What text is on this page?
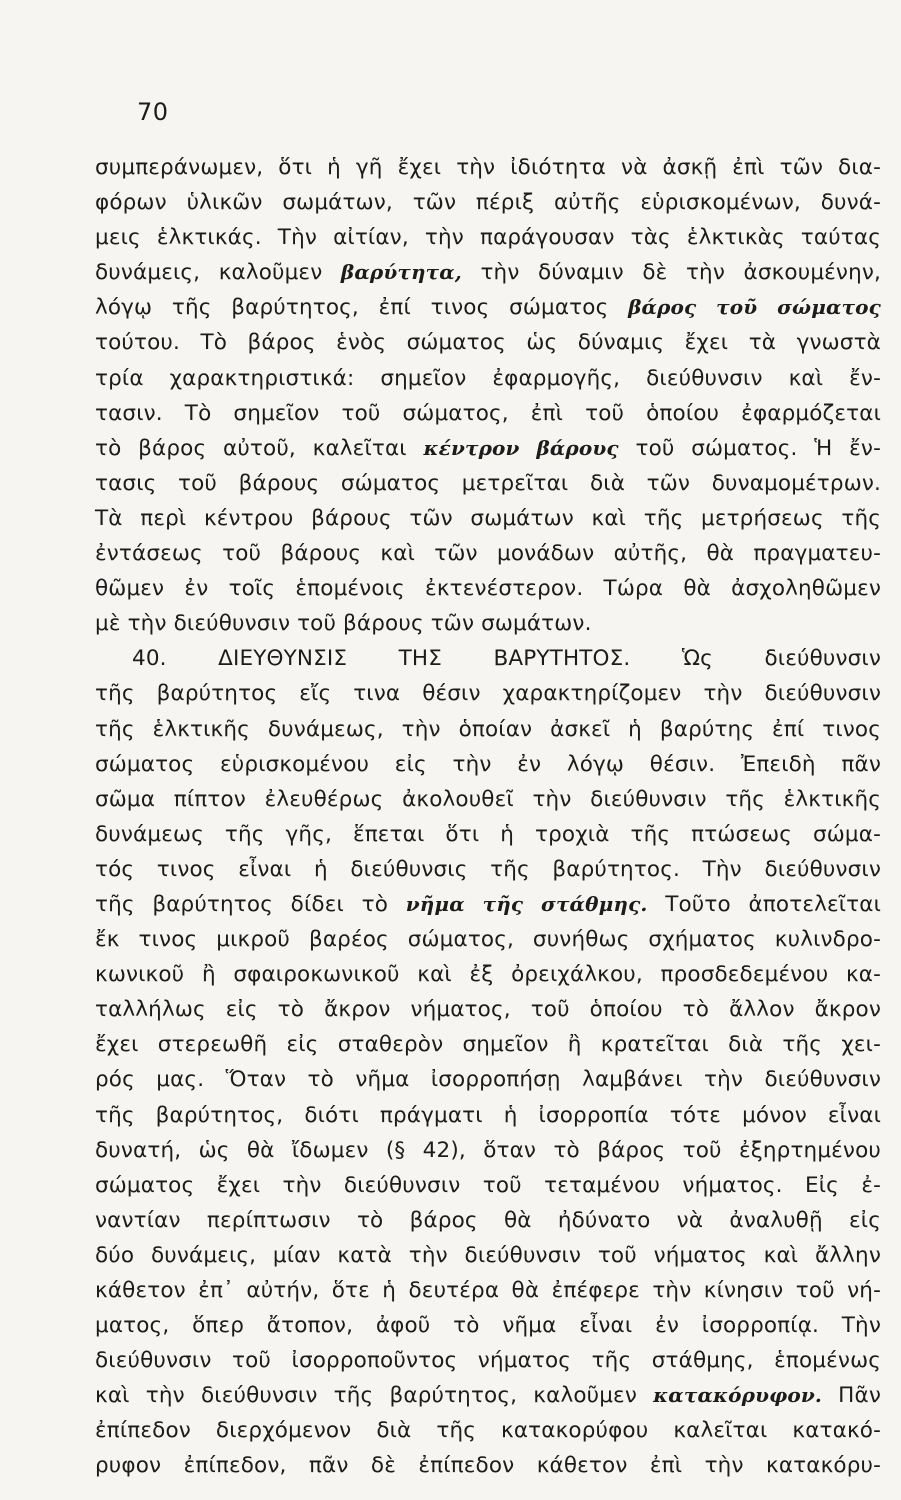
70
συμπεράνωμεν, ὅτι ἡ γῆ ἔχει τὴν ἰδιότητα νὰ ἀσκῇ ἐπὶ τῶν δια-
φόρων ὑλικῶν σωμάτων, τῶν πέριξ αὐτῆς εὑρισκομένων, δυνά-
μεις ἑλκτικάς. Τὴν αἰτίαν, τὴν παράγουσαν τὰς ἑλκτικὰς ταύτας
δυνάμεις, καλοῦμεν βαρύτητα, τὴν δύναμιν δὲ τὴν ἀσκουμένην,
λόγῳ τῆς βαρύτητος, ἐπί τινος σώματος βάρος τοῦ σώματος
τούτου. Τὸ βάρος ἑνὸς σώματος ὡς δύναμις ἔχει τὰ γνωστὰ
τρία χαρακτηριστικά: σημεῖον ἐφαρμογῆς, διεύθυνσιν καὶ ἔν-
τασιν. Τὸ σημεῖον τοῦ σώματος, ἐπὶ τοῦ ὁποίου ἐφαρμόζεται
τὸ βάρος αὐτοῦ, καλεῖται κέντρον βάρους τοῦ σώματος. Ἡ ἔν-
τασις τοῦ βάρους σώματος μετρεῖται διὰ τῶν δυναμομέτρων.
Τὰ περὶ κέντρου βάρους τῶν σωμάτων καὶ τῆς μετρήσεως τῆς
ἐντάσεως τοῦ βάρους καὶ τῶν μονάδων αὐτῆς, θὰ πραγματευ-
θῶμεν ἐν τοῖς ἑπομένοις ἐκτενέστερον. Τώρα θὰ ἀσχοληθῶμεν
μὲ τὴν διεύθυνσιν τοῦ βάρους τῶν σωμάτων.
40. ΔΙΕΥΘΥΝΣΙΣ ΤΗΣ ΒΑΡΥΤΗΤΟΣ. Ὡς διεύθυνσιν
τῆς βαρύτητος εἴς τινα θέσιν χαρακτηρίζομεν τὴν διεύθυνσιν
τῆς ἑλκτικῆς δυνάμεως, τὴν ὁποίαν ἀσκεῖ ἡ βαρύτης ἐπί τινος
σώματος εὑρισκομένου εἰς τὴν ἐν λόγῳ θέσιν. Ἐπειδὴ πᾶν
σῶμα πίπτον ἐλευθέρως ἀκολουθεῖ τὴν διεύθυνσιν τῆς ἑλκτικῆς
δυνάμεως τῆς γῆς, ἕπεται ὅτι ἡ τροχιὰ τῆς πτώσεως σώμα-
τός τινος εἶναι ἡ διεύθυνσις τῆς βαρύτητος. Τὴν διεύθυνσιν
τῆς βαρύτητος δίδει τὸ νῆμα τῆς στάθμης. Τοῦτο ἀποτελεῖται
ἔκ τινος μικροῦ βαρέος σώματος, συνήθως σχήματος κυλινδρο-
κωνικοῦ ἢ σφαιροκωνικοῦ καὶ ἐξ ὀρειχάλκου, προσδεδεμένου κα-
ταλλήλως εἰς τὸ ἄκρον νήματος, τοῦ ὁποίου τὸ ἄλλον ἄκρον
ἔχει στερεωθῆ εἰς σταθερὸν σημεῖον ἢ κρατεῖται διὰ τῆς χει-
ρός μας. Ὅταν τὸ νῆμα ἰσορροπήσῃ λαμβάνει τὴν διεύθυνσιν
τῆς βαρύτητος, διότι πράγματι ἡ ἰσορροπία τότε μόνον εἶναι
δυνατή, ὡς θὰ ἴδωμεν (§ 42), ὅταν τὸ βάρος τοῦ ἐξηρτημένου
σώματος ἔχει τὴν διεύθυνσιν τοῦ τεταμένου νήματος. Εἰς ἐ-
ναντίαν περίπτωσιν τὸ βάρος θὰ ἠδύνατο νὰ ἀναλυθῇ εἰς
δύο δυνάμεις, μίαν κατὰ τὴν διεύθυνσιν τοῦ νήματος καὶ ἄλλην
κάθετον ἐπ᾽ αὐτήν, ὅτε ἡ δευτέρα θὰ ἐπέφερε τὴν κίνησιν τοῦ νή-
ματος, ὅπερ ἄτοπον, ἀφοῦ τὸ νῆμα εἶναι ἐν ἰσορροπίᾳ. Τὴν
διεύθυνσιν τοῦ ἰσορροποῦντος νήματος τῆς στάθμης, ἑπομένως
καὶ τὴν διεύθυνσιν τῆς βαρύτητος, καλοῦμεν κατακόρυφον. Πᾶν
ἐπίπεδον διερχόμενον διὰ τῆς κατακορύφου καλεῖται κατακό-
ρυφον ἐπίπεδον, πᾶν δὲ ἐπίπεδον κάθετον ἐπὶ τὴν κατακόρυ-
